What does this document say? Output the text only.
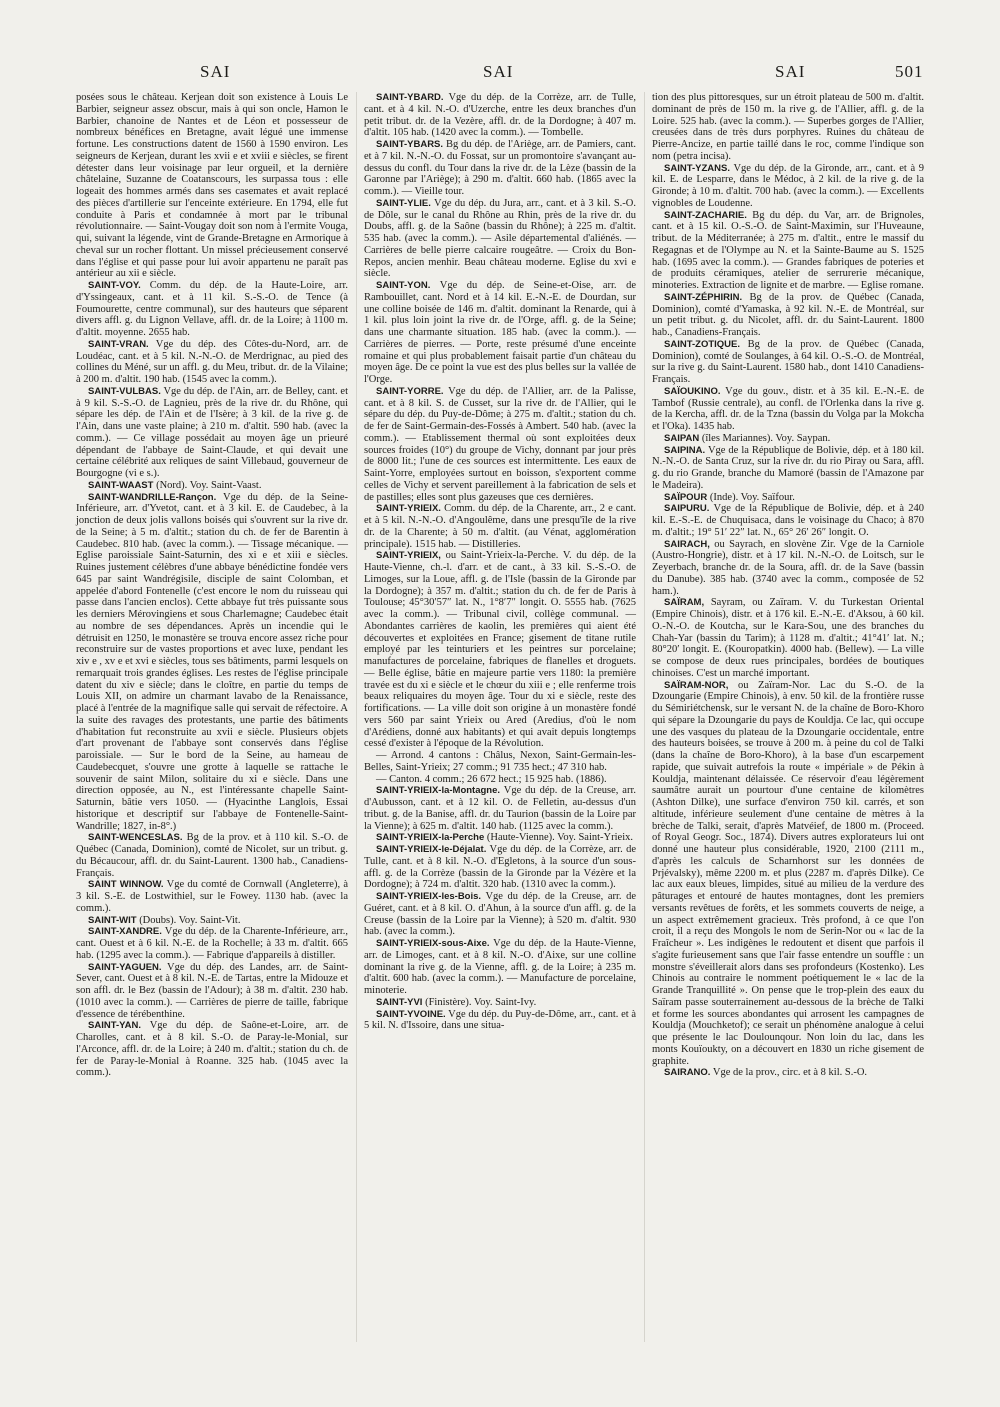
SAI	SAI	SAI	501

posées sous le château. Kerjean doit son existence à Louis Le Barbier, seigneur assez obscur, mais à qui son oncle, Hamon le Barbier, chanoine de Nantes et de Léon et possesseur de nombreux bénéfices en Bretagne, avait légué une immense fortune. Les constructions datent de 1560 à 1590 environ. Les seigneurs de Kerjean, durant les xvii e et xviii e siècles, se firent détester dans leur voisinage par leur orgueil, et la dernière châtelaine, Suzanne de Coatanscours, les surpassa tous : elle logeait des hommes armés dans ses casemates et avait replacé des pièces d'artillerie sur l'enceinte extérieure. En 1794, elle fut conduite à Paris et condamnée à mort par le tribunal révolutionnaire. — Saint-Vougay doit son nom à l'ermite Vouga, qui, suivant la légende, vint de Grande-Bretagne en Armorique à cheval sur un rocher flottant. Un missel précieusement conservé dans l'église et qui passe pour lui avoir appartenu ne paraît pas antérieur au xii e siècle.

SAINT-VOY. Comm. du dép. de la Haute-Loire, arr. d'Yssingeaux, cant. et à 11 kil. S.-S.-O. de Tence (à Foumourette, centre communal), sur des hauteurs que séparent divers affl. g. du Lignon Vellave, affl. dr. de la Loire; à 1100 m. d'altit. moyenne. 2655 hab.

SAINT-VRAN. Vge du dép. des Côtes-du-Nord, arr. de Loudéac, cant. et à 5 kil. N.-N.-O. de Merdrignac, au pied des collines du Méné, sur un affl. g. du Meu, tribut. dr. de la Vilaine; à 200 m. d'altit. 190 hab. (1545 avec la comm.).

SAINT-VULBAS. Vge du dép. de l'Ain, arr. de Belley, cant. et à 9 kil. S.-S.-O. de Lagnieu, près de la rive dr. du Rhône, qui sépare les dép. de l'Ain et de l'Isère; à 3 kil. de la rive g. de l'Ain, dans une vaste plaine; à 210 m. d'altit. 590 hab. (avec la comm.). — Ce village possédait au moyen âge un prieuré dépendant de l'abbaye de Saint-Claude, et qui devait une certaine célébrité aux reliques de saint Villebaud, gouverneur de Bourgogne (vi e s.).

SAINT-WAAST (Nord). Voy. Saint-Vaast.

SAINT-WANDRILLE-Rançon. Vge du dép. de la Seine-Inférieure, arr. d'Yvetot, cant. et à 3 kil. E. de Caudebec, à la jonction de deux jolis vallons boisés qui s'ouvrent sur la rive dr. de la Seine; à 5 m. d'altit.; station du ch. de fer de Barentin à Caudebec. 810 hab. (avec la comm.). — Tissage mécanique. — Eglise paroissiale Saint-Saturnin, des xi e et xiii e siècles. Ruines justement célèbres d'une abbaye bénédictine fondée vers 645 par saint Wandrégisile, disciple de saint Colomban, et appelée d'abord Fontenelle (c'est encore le nom du ruisseau qui passe dans l'ancien enclos). Cette abbaye fut très puissante sous les derniers Mérovingiens et sous Charlemagne; Caudebec était au nombre de ses dépendances. Après un incendie qui le détruisit en 1250, le monastère se trouva encore assez riche pour reconstruire sur de vastes proportions et avec luxe, pendant les xiv e , xv e et xvi e siècles, tous ses bâtiments, parmi lesquels on remarquait trois grandes églises. Les restes de l'église principale datent du xiv e siècle; dans le cloître, en partie du temps de Louis XII, on admire un charmant lavabo de la Renaissance, placé à l'entrée de la magnifique salle qui servait de réfectoire. A la suite des ravages des protestants, une partie des bâtiments d'habitation fut reconstruite au xvii e siècle. Plusieurs objets d'art provenant de l'abbaye sont conservés dans l'église paroissiale. — Sur le bord de la Seine, au hameau de Caudebecquet, s'ouvre une grotte à laquelle se rattache le souvenir de saint Milon, solitaire du xi e siècle. Dans une direction opposée, au N., est l'intéressante chapelle Saint-Saturnin, bâtie vers 1050. — (Hyacinthe Langlois, Essai historique et descriptif sur l'abbaye de Fontenelle-Saint-Wandrille; 1827, in-8°.)

SAINT-WENCESLAS. Bg de la prov. et à 110 kil. S.-O. de Québec (Canada, Dominion), comté de Nicolet, sur un tribut. g. du Bécaucour, affl. dr. du Saint-Laurent. 1300 hab., Canadiens-Français.

SAINT WINNOW. Vge du comté de Cornwall (Angleterre), à 3 kil. S.-E. de Lostwithiel, sur le Fowey. 1130 hab. (avec la comm.).

SAINT-WIT (Doubs). Voy. Saint-Vit.

SAINT-XANDRE. Vge du dép. de la Charente-Inférieure, arr., cant. Ouest et à 6 kil. N.-E. de la Rochelle; à 33 m. d'altit. 665 hab. (1295 avec la comm.). — Fabrique d'appareils à distiller.

SAINT-YAGUEN. Vge du dép. des Landes, arr. de Saint-Sever, cant. Ouest et à 8 kil. N.-E. de Tartas, entre la Midouze et son affl. dr. le Bez (bassin de l'Adour); à 38 m. d'altit. 230 hab. (1010 avec la comm.). — Carrières de pierre de taille, fabrique d'essence de térébenthine.

SAINT-YAN. Vge du dép. de Saône-et-Loire, arr. de Charolles, cant. et à 8 kil. S.-O. de Paray-le-Monial, sur l'Arconce, affl. dr. de la Loire; à 240 m. d'altit.; station du ch. de fer de Paray-le-Monial à Roanne. 325 hab. (1045 avec la comm.).

SAINT-YBARD. Vge du dép. de la Corrèze, arr. de Tulle, cant. et à 4 kil. N.-O. d'Uzerche, entre les deux branches d'un petit tribut. dr. de la Vezère, affl. dr. de la Dordogne; à 407 m. d'altit. 105 hab. (1420 avec la comm.). — Tombelle.

SAINT-YBARS. Bg du dép. de l'Ariège, arr. de Pamiers, cant. et à 7 kil. N.-N.-O. du Fossat, sur un promontoire s'avançant au-dessus du confl. du Tour dans la rive dr. de la Lèze (bassin de la Garonne par l'Ariège); à 290 m. d'altit. 660 hab. (1865 avec la comm.). — Vieille tour.

SAINT-YLIE. Vge du dép. du Jura, arr., cant. et à 3 kil. S.-O. de Dôle, sur le canal du Rhône au Rhin, près de la rive dr. du Doubs, affl. g. de la Saône (bassin du Rhône); à 225 m. d'altit. 535 hab. (avec la comm.). — Asile départemental d'aliénés. — Carrières de belle pierre calcaire rougeâtre. — Croix du Bon-Repos, ancien menhir. Beau château moderne. Eglise du xvi e siècle.

SAINT-YON. Vge du dép. de Seine-et-Oise, arr. de Rambouillet, cant. Nord et à 14 kil. E.-N.-E. de Dourdan, sur une colline boisée de 146 m. d'altit. dominant la Renarde, qui à 1 kil. plus loin joint la rive dr. de l'Orge, affl. g. de la Seine; dans une charmante situation. 185 hab. (avec la comm.). — Carrières de pierres. — Porte, reste présumé d'une enceinte romaine et qui plus probablement faisait partie d'un château du moyen âge. De ce point la vue est des plus belles sur la vallée de l'Orge.

SAINT-YORRE. Vge du dép. de l'Allier, arr. de la Palisse, cant. et à 8 kil. S. de Cusset, sur la rive dr. de l'Allier, qui le sépare du dép. du Puy-de-Dôme; à 275 m. d'altit.; station du ch. de fer de Saint-Germain-des-Fossés à Ambert. 540 hab. (avec la comm.). — Etablissement thermal où sont exploitées deux sources froides (10°) du groupe de Vichy, donnant par jour près de 8000 lit.; l'une de ces sources est intermittente. Les eaux de Saint-Yorre, employées surtout en boisson, s'exportent comme celles de Vichy et servent pareillement à la fabrication de sels et de pastilles; elles sont plus gazeuses que ces dernières.

SAINT-YRIEIX. Comm. du dép. de la Charente, arr., 2 e cant. et à 5 kil. N.-N.-O. d'Angoulême, dans une presqu'île de la rive dr. de la Charente; à 50 m. d'altit. (au Vénat, agglomération principale). 1515 hab. — Distilleries.

SAINT-YRIEIX, ou Saint-Yrieix-la-Perche. V. du dép. de la Haute-Vienne, ch.-l. d'arr. et de cant., à 33 kil. S.-S.-O. de Limoges, sur la Loue, affl. g. de l'Isle (bassin de la Gironde par la Dordogne); à 357 m. d'altit.; station du ch. de fer de Paris à Toulouse; 45°30′57″ lat. N., 1°8′7″ longit. O. 5555 hab. (7625 avec la comm.). — Tribunal civil, collège communal. — Abondantes carrières de kaolin, les premières qui aient été découvertes et exploitées en France; gisement de titane rutile employé par les teinturiers et les peintres sur porcelaine; manufactures de porcelaine, fabriques de flanelles et droguets. — Belle église, bâtie en majeure partie vers 1180: la première travée est du xi e siècle et le chœur du xiii e ; elle renferme trois beaux reliquaires du moyen âge. Tour du xi e siècle, reste des fortifications. — La ville doit son origine à un monastère fondé vers 560 par saint Yrieix ou Ared (Aredius, d'où le nom d'Arédiens, donné aux habitants) et qui avait depuis longtemps cessé d'exister à l'époque de la Révolution.

— Arrond. 4 cantons : Châlus, Nexon, Saint-Germain-les-Belles, Saint-Yrieix; 27 comm.; 91 735 hect.; 47 310 hab.

— Canton. 4 comm.; 26 672 hect.; 15 925 hab. (1886).

SAINT-YRIEIX-la-Montagne. Vge du dép. de la Creuse, arr. d'Aubusson, cant. et à 12 kil. O. de Felletin, au-dessus d'un tribut. g. de la Banise, affl. dr. du Taurion (bassin de la Loire par la Vienne); à 625 m. d'altit. 140 hab. (1125 avec la comm.).

SAINT-YRIEIX-la-Perche (Haute-Vienne). Voy. Saint-Yrieix.

SAINT-YRIEIX-le-Déjalat. Vge du dép. de la Corrèze, arr. de Tulle, cant. et à 8 kil. N.-O. d'Egletons, à la source d'un sous-affl. g. de la Corrèze (bassin de la Gironde par la Vézère et la Dordogne); à 724 m. d'altit. 320 hab. (1310 avec la comm.).

SAINT-YRIEIX-les-Bois. Vge du dép. de la Creuse, arr. de Guéret, cant. et à 8 kil. O. d'Ahun, à la source d'un affl. g. de la Creuse (bassin de la Loire par la Vienne); à 520 m. d'altit. 930 hab. (avec la comm.).

SAINT-YRIEIX-sous-Aixe. Vge du dép. de la Haute-Vienne, arr. de Limoges, cant. et à 8 kil. N.-O. d'Aixe, sur une colline dominant la rive g. de la Vienne, affl. g. de la Loire; à 235 m. d'altit. 600 hab. (avec la comm.). — Manufacture de porcelaine, minoterie.

SAINT-YVI (Finistère). Voy. Saint-Ivy.

SAINT-YVOINE. Vge du dép. du Puy-de-Dôme, arr., cant. et à 5 kil. N. d'Issoire, dans une situa-

tion des plus pittoresques, sur un étroit plateau de 500 m. d'altit. dominant de près de 150 m. la rive g. de l'Allier, affl. g. de la Loire. 525 hab. (avec la comm.). — Superbes gorges de l'Allier, creusées dans de très durs porphyres. Ruines du château de Pierre-Ancize, en partie taillé dans le roc, comme l'indique son nom (petra incisa).

SAINT-YZANS. Vge du dép. de la Gironde, arr., cant. et à 9 kil. E. de Lesparre, dans le Médoc, à 2 kil. de la rive g. de la Gironde; à 10 m. d'altit. 700 hab. (avec la comm.). — Excellents vignobles de Loudenne.

SAINT-ZACHARIE. Bg du dép. du Var, arr. de Brignoles, cant. et à 15 kil. O.-S.-O. de Saint-Maximin, sur l'Huveaune, tribut. de la Méditerranée; à 275 m. d'altit., entre le massif du Regagnas et de l'Olympe au N. et la Sainte-Baume au S. 1525 hab. (1695 avec la comm.). — Grandes fabriques de poteries et de produits céramiques, atelier de serrurerie mécanique, minoteries. Extraction de lignite et de marbre. — Eglise romane.

SAINT-ZÉPHIRIN. Bg de la prov. de Québec (Canada, Dominion), comté d'Yamaska, à 92 kil. N.-E. de Montréal, sur un petit tribut. g. du Nicolet, affl. dr. du Saint-Laurent. 1800 hab., Canadiens-Français.

SAINT-ZOTIQUE. Bg de la prov. de Québec (Canada, Dominion), comté de Soulanges, à 64 kil. O.-S.-O. de Montréal, sur la rive g. du Saint-Laurent. 1580 hab., dont 1410 Canadiens-Français.

SAÏOUKINO. Vge du gouv., distr. et à 35 kil. E.-N.-E. de Tambof (Russie centrale), au confl. de l'Orlenka dans la rive g. de la Kercha, affl. dr. de la Tzna (bassin du Volga par la Mokcha et l'Oka). 1435 hab.

SAIPAN (îles Mariannes). Voy. Saypan.

SAIPINA. Vge de la République de Bolivie, dép. et à 180 kil. N.-N.-O. de Santa Cruz, sur la rive dr. du rio Piray ou Sara, affl. g. du rio Grande, branche du Mamoré (bassin de l'Amazone par le Madeira).

SAÏPOUR (Inde). Voy. Saïfour.

SAIPURU. Vge de la République de Bolivie, dép. et à 240 kil. E.-S.-E. de Chuquisaca, dans le voisinage du Chaco; à 870 m. d'altit.; 19° 51′ 22″ lat. N., 65° 26′ 26″ longit. O.

SAIRACH, ou Sayrach, en slovène Zir. Vge de la Carniole (Austro-Hongrie), distr. et à 17 kil. N.-N.-O. de Loitsch, sur le Zeyerbach, branche dr. de la Soura, affl. dr. de la Save (bassin du Danube). 385 hab. (3740 avec la comm., composée de 52 ham.).

SAÏRAM, Sayram, ou Zaïram. V. du Turkestan Oriental (Empire Chinois), distr. et à 176 kil. E.-N.-E. d'Aksou, à 60 kil. O.-N.-O. de Koutcha, sur le Kara-Sou, une des branches du Chah-Yar (bassin du Tarim); à 1128 m. d'altit.; 41°41′ lat. N.; 80°20′ longit. E. (Kouropatkin). 4000 hab. (Bellew). — La ville se compose de deux rues principales, bordées de boutiques chinoises. C'est un marché important.

SAÏRAM-NOR, ou Zaïram-Nor. Lac du S.-O. de la Dzoungarie (Empire Chinois), à env. 50 kil. de la frontière russe du Sémiriétchensk, sur le versant N. de la chaîne de Boro-Khoro qui sépare la Dzoungarie du pays de Kouldja. Ce lac, qui occupe une des vasques du plateau de la Dzoungarie occidentale, entre des hauteurs boisées, se trouve à 200 m. à peine du col de Talki (dans la chaîne de Boro-Khoro), à la base d'un escarpement rapide, que suivait autrefois la route « impériale » de Pékin à Kouldja, maintenant délaissée. Ce réservoir d'eau légèrement saumâtre aurait un pourtour d'une centaine de kilomètres (Ashton Dilke), une surface d'environ 750 kil. carrés, et son altitude, inférieure seulement d'une centaine de mètres à la brèche de Talki, serait, d'après Matvéief, de 1800 m. (Proceed. of Royal Geogr. Soc., 1874). Divers autres explorateurs lui ont donné une hauteur plus considérable, 1920, 2100 (2111 m., d'après les calculs de Scharnhorst sur les données de Prjévalsky), même 2200 m. et plus (2287 m. d'après Dilke). Ce lac aux eaux bleues, limpides, situé au milieu de la verdure des pâturages et entouré de hautes montagnes, dont les premiers versants revêtues de forêts, et les sommets couverts de neige, a un aspect extrêmement gracieux. Très profond, à ce que l'on croit, il a reçu des Mongols le nom de Serin-Nor ou « lac de la Fraîcheur ». Les indigènes le redoutent et disent que parfois il s'agite furieusement sans que l'air fasse entendre un souffle : un monstre s'éveillerait alors dans ses profondeurs (Kostenko). Les Chinois au contraire le nomment poétiquement le « lac de la Grande Tranquillité ». On pense que le trop-plein des eaux du Saïram passe souterrainement au-dessous de la brèche de Talki et forme les sources abondantes qui arrosent les campagnes de Kouldja (Mouchketof); ce serait un phénomène analogue à celui que présente le lac Doulounqour. Non loin du lac, dans les monts Kouïoukty, on a découvert en 1830 un riche gisement de graphite.

SAIRANO. Vge de la prov., circ. et à 8 kil. S.-O.
